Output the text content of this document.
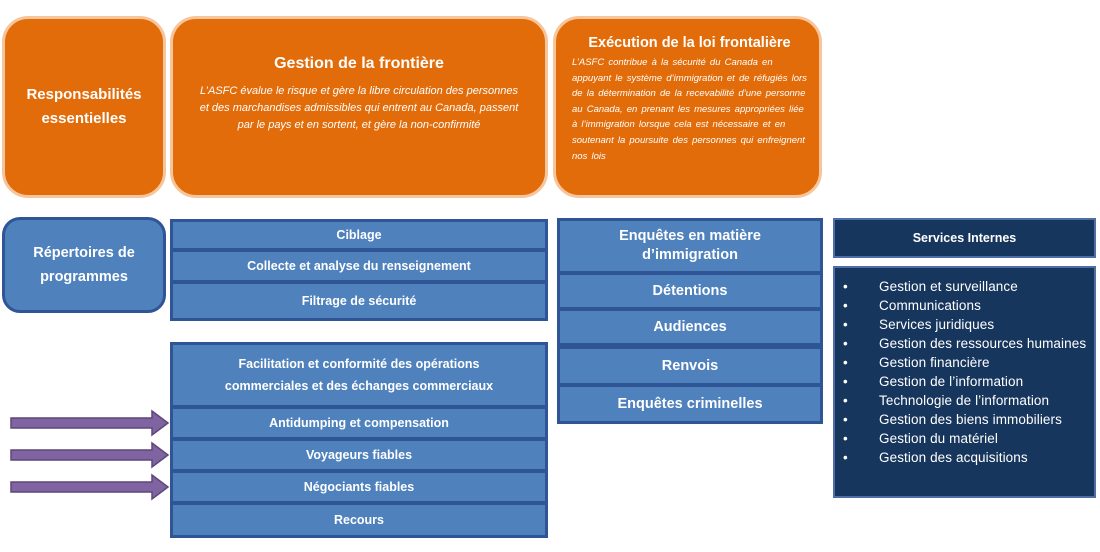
Responsabilités essentielles
Gestion de la frontière
L’ASFC évalue le risque et gère la libre circulation des personnes et des marchandises admissibles qui entrent au Canada, passent par le pays et en sortent, et gère la non-confirmité
Exécution de la loi frontalière
L’ASFC contribue à la sécurité du Canada en appuyant le système d’immigration et de réfugiés lors de la détermination de la recevabilité d’une personne au Canada, en prenant les mesures appropriées liée à l’immigration lorsque cela est nécessaire et en soutenant la poursuite des personnes qui enfreignent nos lois
Répertoires de programmes
Ciblage
Collecte et analyse du renseignement
Filtrage de sécurité
Facilitation et conformité des opérations commerciales et des échanges commerciaux
Antidumping et compensation
Voyageurs fiables
Négociants fiables
Recours
Enquêtes en matière d’immigration
Détentions
Audiences
Renvois
Enquêtes criminelles
Services Internes
•	Gestion et surveillance
•	Communications
•	Services juridiques
•	Gestion des ressources humaines
•	Gestion financière
•	Gestion de l’information
•	Technologie de l’information
•	Gestion des biens immobiliers
•	Gestion du matériel
•	Gestion des acquisitions
